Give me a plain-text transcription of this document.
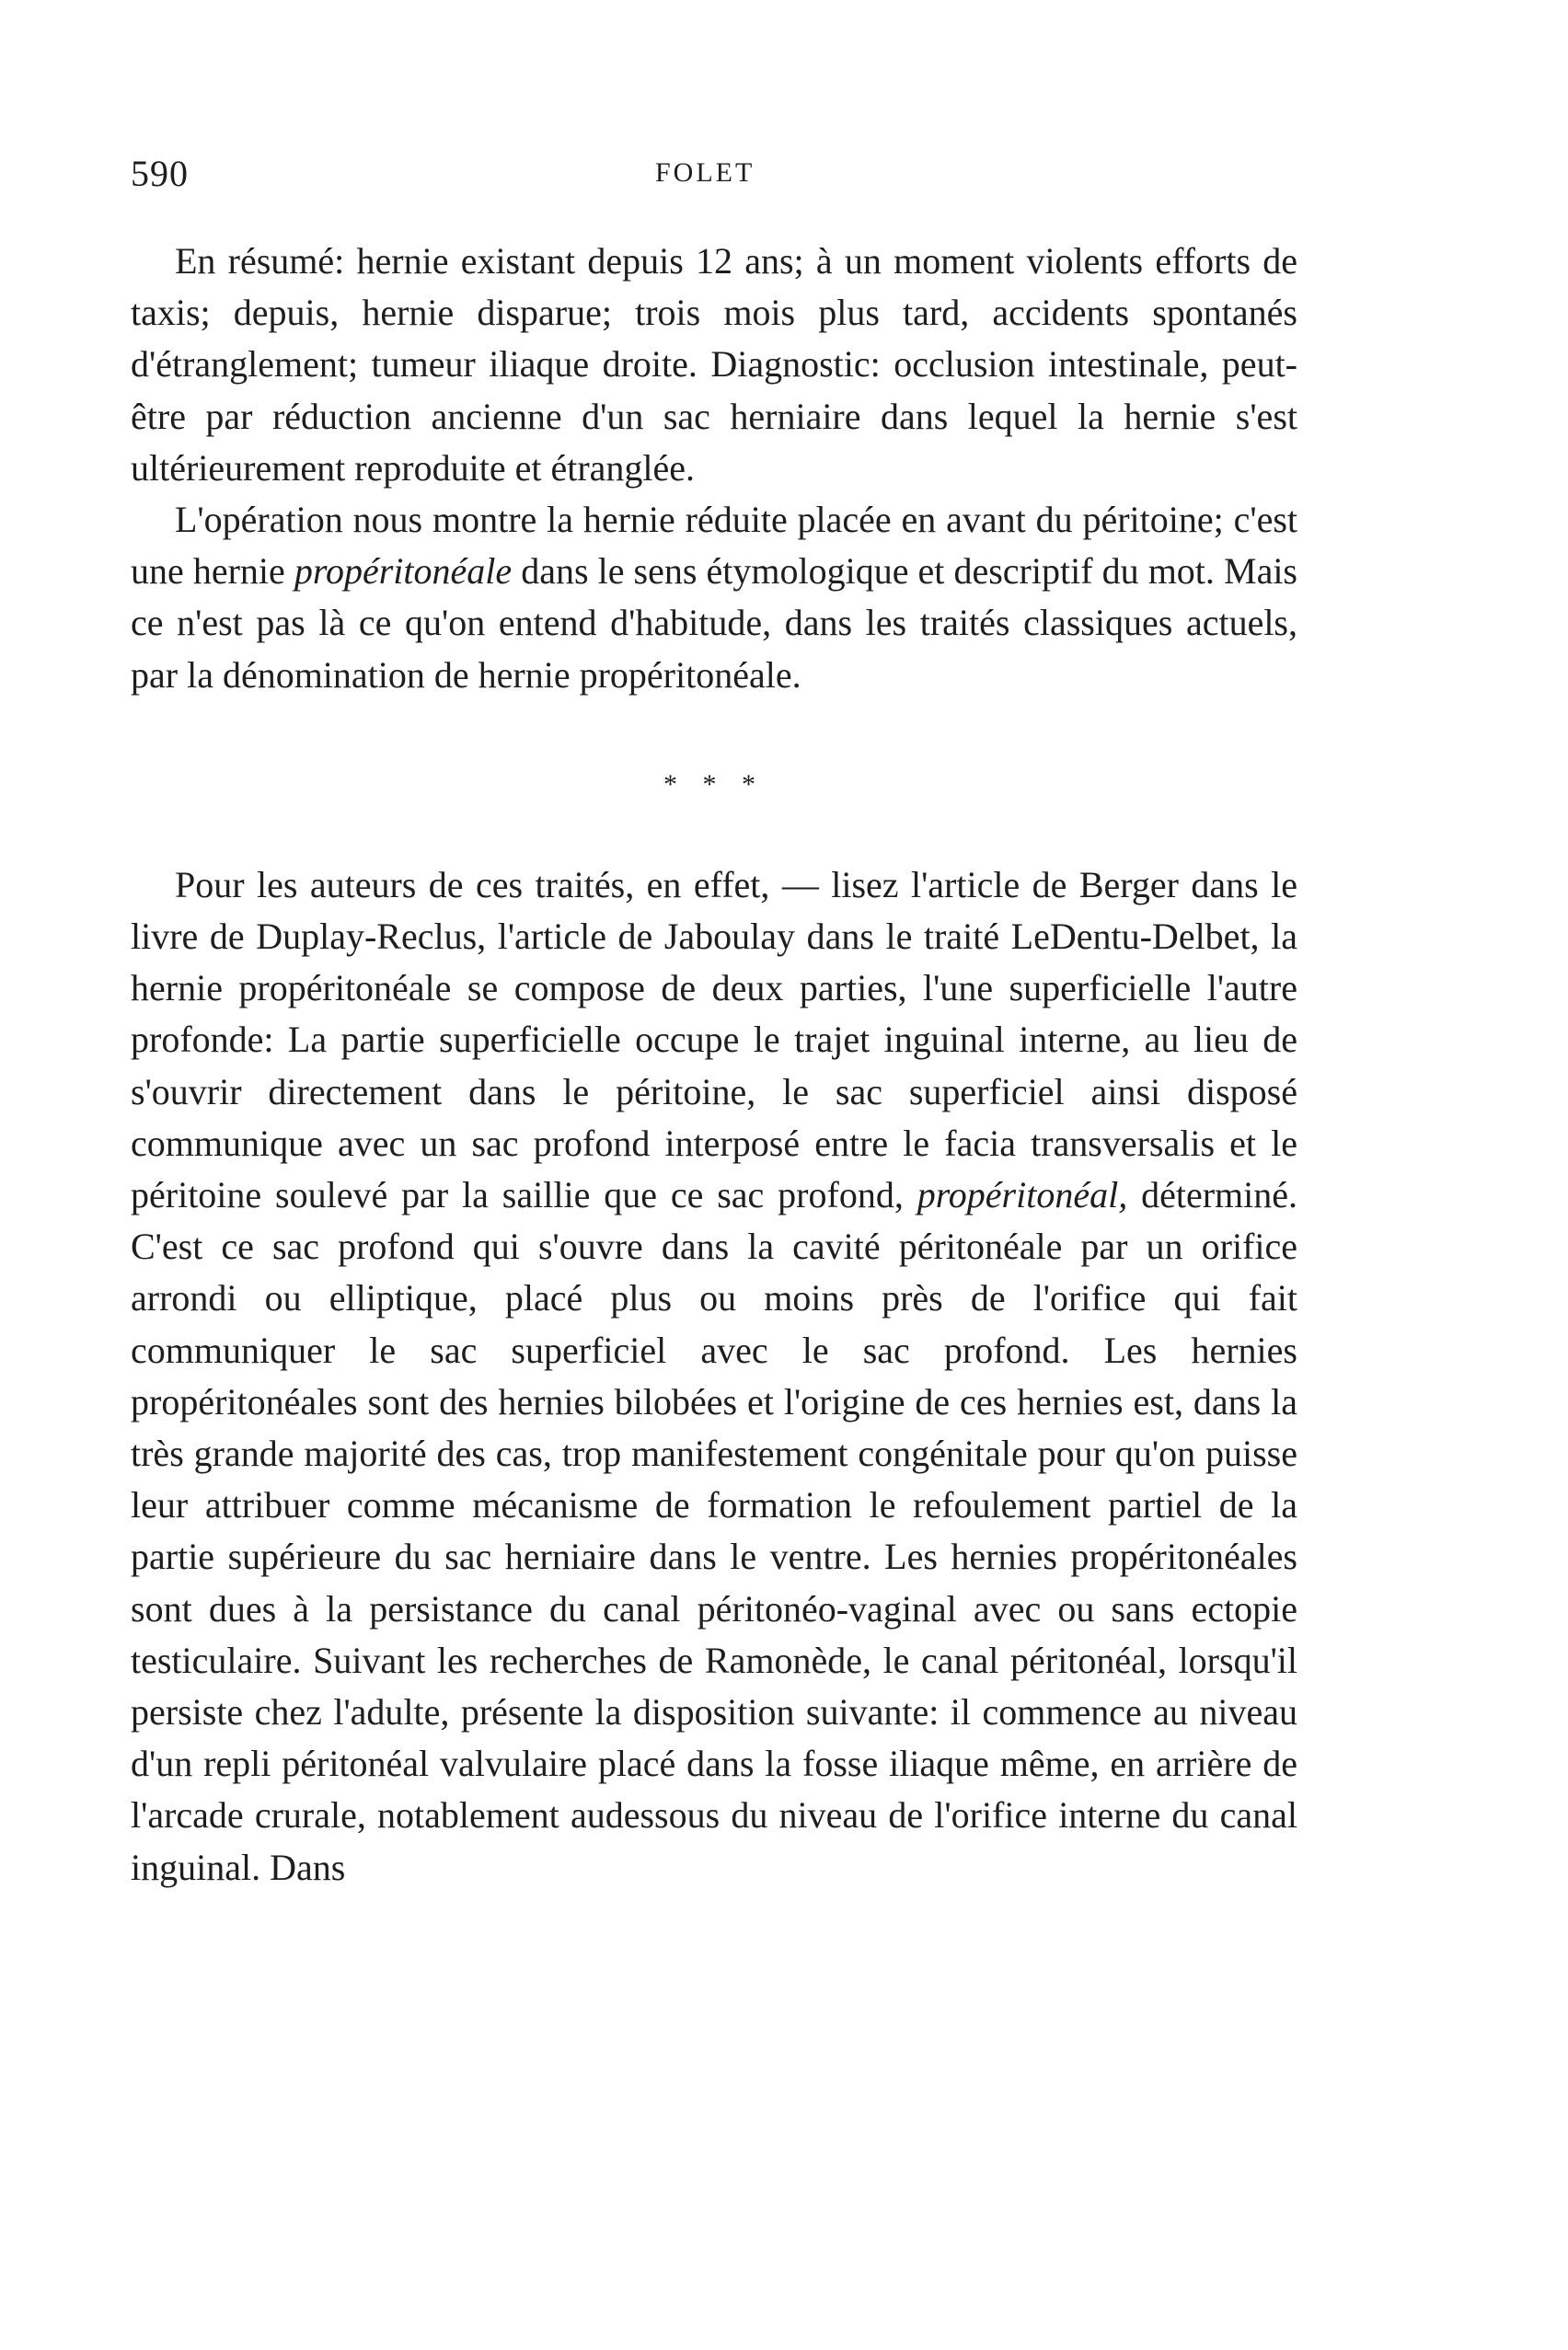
590	FOLET

En résumé: hernie existant depuis 12 ans; à un moment violents efforts de taxis; depuis, hernie disparue; trois mois plus tard, accidents spontanés d'étranglement; tumeur iliaque droite. Diagnostic: occlusion intestinale, peut-être par réduction ancienne d'un sac herniaire dans lequel la hernie s'est ultérieurement reproduite et étranglée.

L'opération nous montre la hernie réduite placée en avant du péritoine; c'est une hernie propéritonéale dans le sens étymologique et descriptif du mot. Mais ce n'est pas là ce qu'on entend d'habitude, dans les traités classiques actuels, par la dénomination de hernie propéritonéale.

* * *

Pour les auteurs de ces traités, en effet, — lisez l'article de Berger dans le livre de Duplay-Reclus, l'article de Jaboulay dans le traité LeDentu-Delbet, la hernie propéritonéale se compose de deux parties, l'une superficielle l'autre profonde: La partie superficielle occupe le trajet inguinal interne, au lieu de s'ouvrir directement dans le péritoine, le sac superficiel ainsi disposé communique avec un sac profond interposé entre le facia transversalis et le péritoine soulevé par la saillie que ce sac profond, propéritonéal, déterminé. C'est ce sac profond qui s'ouvre dans la cavité péritonéale par un orifice arrondi ou elliptique, placé plus ou moins près de l'orifice qui fait communiquer le sac superficiel avec le sac profond. Les hernies propéritonéales sont des hernies bilobées et l'origine de ces hernies est, dans la très grande majorité des cas, trop manifestement congénitale pour qu'on puisse leur attribuer comme mécanisme de formation le refoulement partiel de la partie supérieure du sac herniaire dans le ventre. Les hernies propéritonéales sont dues à la persistance du canal péritonéo-vaginal avec ou sans ectopie testiculaire. Suivant les recherches de Ramonède, le canal péritonéal, lorsqu'il persiste chez l'adulte, présente la disposition suivante: il commence au niveau d'un repli péritonéal valvulaire placé dans la fosse iliaque même, en arrière de l'arcade crurale, notablement audessous du niveau de l'orifice interne du canal inguinal. Dans
